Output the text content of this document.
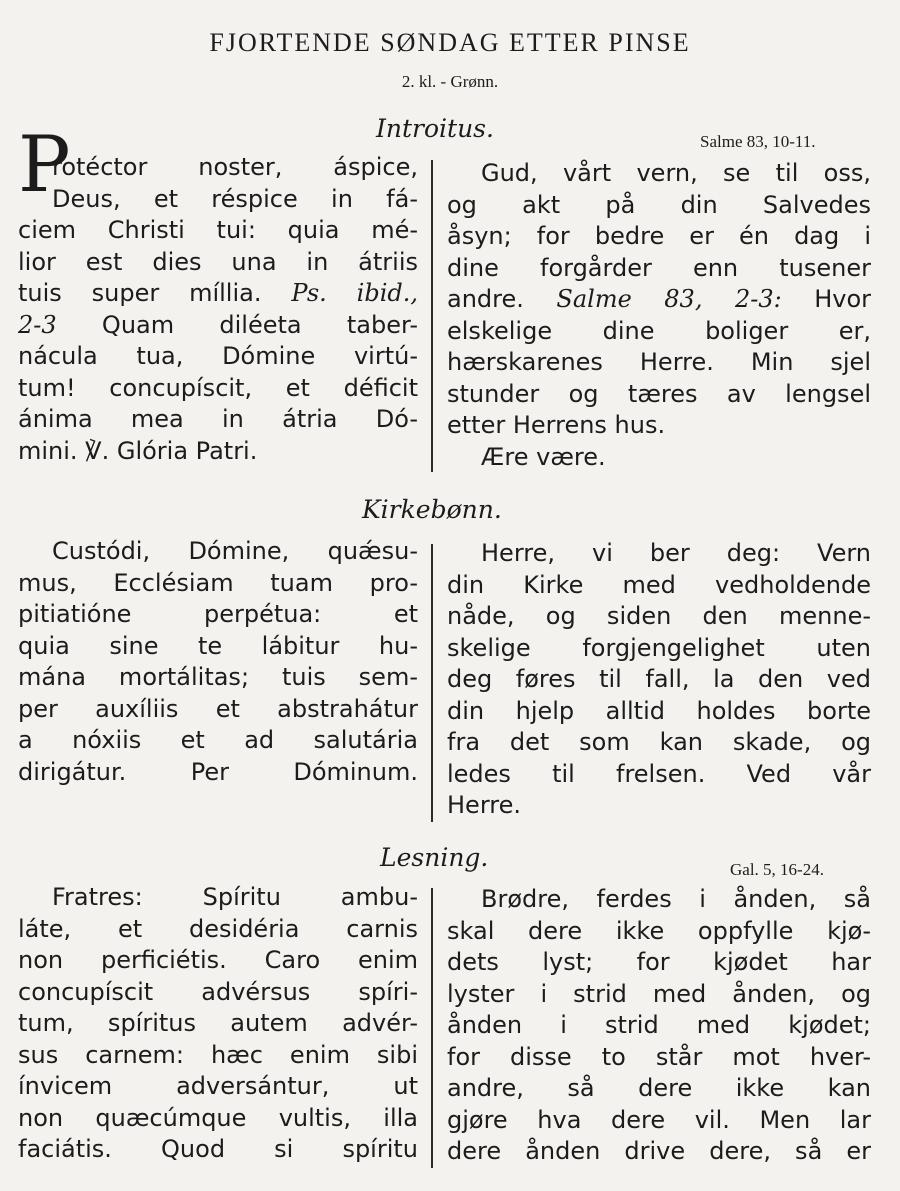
FJORTENDE SØNDAG ETTER PINSE
2. kl. - Grønn.
Introitus.	Salme 83, 10-11.
P
rotéctor noster, áspice,
Deus, et réspice in fá-
ciem Christi tui: quia mé-
lior est dies una in átriis
tuis super míllia. Ps. ibid.,
2-3 Quam diléeta taber-
nácula tua, Dómine virtú-
tum! concupíscit, et déficit
ánima mea in átria Dó-
mini. ℣. Glória Patri.
Gud, vårt vern, se til oss,
og akt på din Salvedes
åsyn; for bedre er én dag i
dine forgårder enn tusener
andre. Salme 83, 2-3: Hvor
elskelige dine boliger er,
hærskarenes Herre. Min sjel
stunder og tæres av lengsel
etter Herrens hus.
Ære være.
Kirkebønn.
Custódi, Dómine, quǽsu-
mus, Ecclésiam tuam pro-
pitiatióne perpétua: et
quia sine te lábitur hu-
mána mortálitas; tuis sem-
per auxíliis et abstrahátur
a nóxiis et ad salutária
dirigátur. Per Dóminum.
Herre, vi ber deg: Vern
din Kirke med vedholdende
nåde, og siden den menne-
skelige forgjengelighet uten
deg føres til fall, la den ved
din hjelp alltid holdes borte
fra det som kan skade, og
ledes til frelsen. Ved vår
Herre.
Lesning.	Gal. 5, 16-24.
Fratres: Spíritu ambu-
láte, et desidéria carnis
non perficiétis. Caro enim
concupíscit advérsus spíri-
tum, spíritus autem advér-
sus carnem: hæc enim sibi
ínvicem adversántur, ut
non quæcúmque vultis, illa
faciátis. Quod si spíritu
Brødre, ferdes i ånden, så
skal dere ikke oppfylle kjø-
dets lyst; for kjødet har
lyster i strid med ånden, og
ånden i strid med kjødet;
for disse to står mot hver-
andre, så dere ikke kan
gjøre hva dere vil. Men lar
dere ånden drive dere, så er
